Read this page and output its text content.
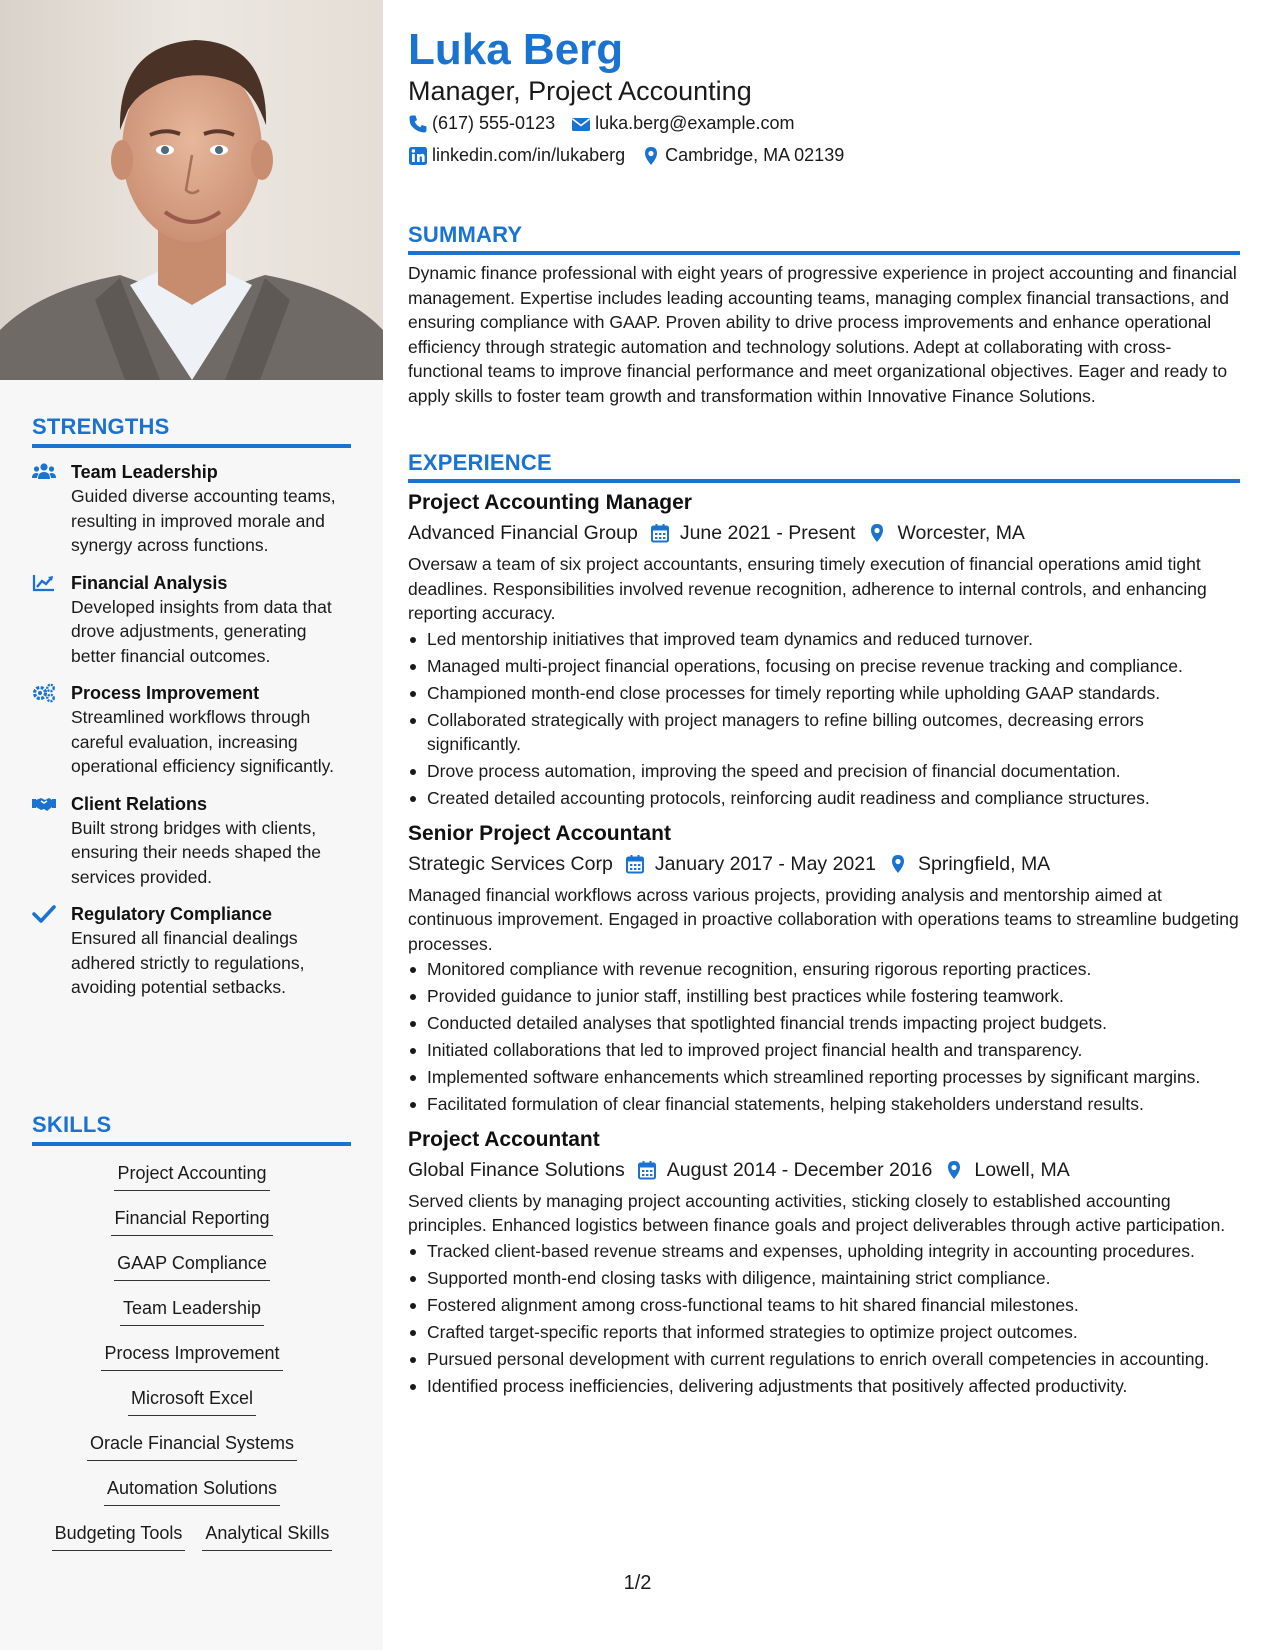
STRENGTHS
Team Leadership
Guided diverse accounting teams, resulting in improved morale and synergy across functions.
Financial Analysis
Developed insights from data that drove adjustments, generating better financial outcomes.
Process Improvement
Streamlined workflows through careful evaluation, increasing operational efficiency significantly.
Client Relations
Built strong bridges with clients, ensuring their needs shaped the services provided.
Regulatory Compliance
Ensured all financial dealings adhered strictly to regulations, avoiding potential setbacks.
SKILLS
Project Accounting
Financial Reporting
GAAP Compliance
Team Leadership
Process Improvement
Microsoft Excel
Oracle Financial Systems
Automation Solutions
Budgeting Tools Analytical Skills
Luka Berg
Manager, Project Accounting
(617) 555-0123 luka.berg@example.com
linkedin.com/in/lukaberg Cambridge, MA 02139
SUMMARY
Dynamic finance professional with eight years of progressive experience in project accounting and financial management. Expertise includes leading accounting teams, managing complex financial transactions, and ensuring compliance with GAAP. Proven ability to drive process improvements and enhance operational efficiency through strategic automation and technology solutions. Adept at collaborating with cross-functional teams to improve financial performance and meet organizational objectives. Eager and ready to apply skills to foster team growth and transformation within Innovative Finance Solutions.
EXPERIENCE
Project Accounting Manager
Advanced Financial Group June 2021 - Present Worcester, MA
Oversaw a team of six project accountants, ensuring timely execution of financial operations amid tight deadlines. Responsibilities involved revenue recognition, adherence to internal controls, and enhancing reporting accuracy.
Led mentorship initiatives that improved team dynamics and reduced turnover.
Managed multi-project financial operations, focusing on precise revenue tracking and compliance.
Championed month-end close processes for timely reporting while upholding GAAP standards.
Collaborated strategically with project managers to refine billing outcomes, decreasing errors significantly.
Drove process automation, improving the speed and precision of financial documentation.
Created detailed accounting protocols, reinforcing audit readiness and compliance structures.
Senior Project Accountant
Strategic Services Corp January 2017 - May 2021 Springfield, MA
Managed financial workflows across various projects, providing analysis and mentorship aimed at continuous improvement. Engaged in proactive collaboration with operations teams to streamline budgeting processes.
Monitored compliance with revenue recognition, ensuring rigorous reporting practices.
Provided guidance to junior staff, instilling best practices while fostering teamwork.
Conducted detailed analyses that spotlighted financial trends impacting project budgets.
Initiated collaborations that led to improved project financial health and transparency.
Implemented software enhancements which streamlined reporting processes by significant margins.
Facilitated formulation of clear financial statements, helping stakeholders understand results.
Project Accountant
Global Finance Solutions August 2014 - December 2016 Lowell, MA
Served clients by managing project accounting activities, sticking closely to established accounting principles. Enhanced logistics between finance goals and project deliverables through active participation.
Tracked client-based revenue streams and expenses, upholding integrity in accounting procedures.
Supported month-end closing tasks with diligence, maintaining strict compliance.
Fostered alignment among cross-functional teams to hit shared financial milestones.
Crafted target-specific reports that informed strategies to optimize project outcomes.
Pursued personal development with current regulations to enrich overall competencies in accounting.
Identified process inefficiencies, delivering adjustments that positively affected productivity.
1/2
